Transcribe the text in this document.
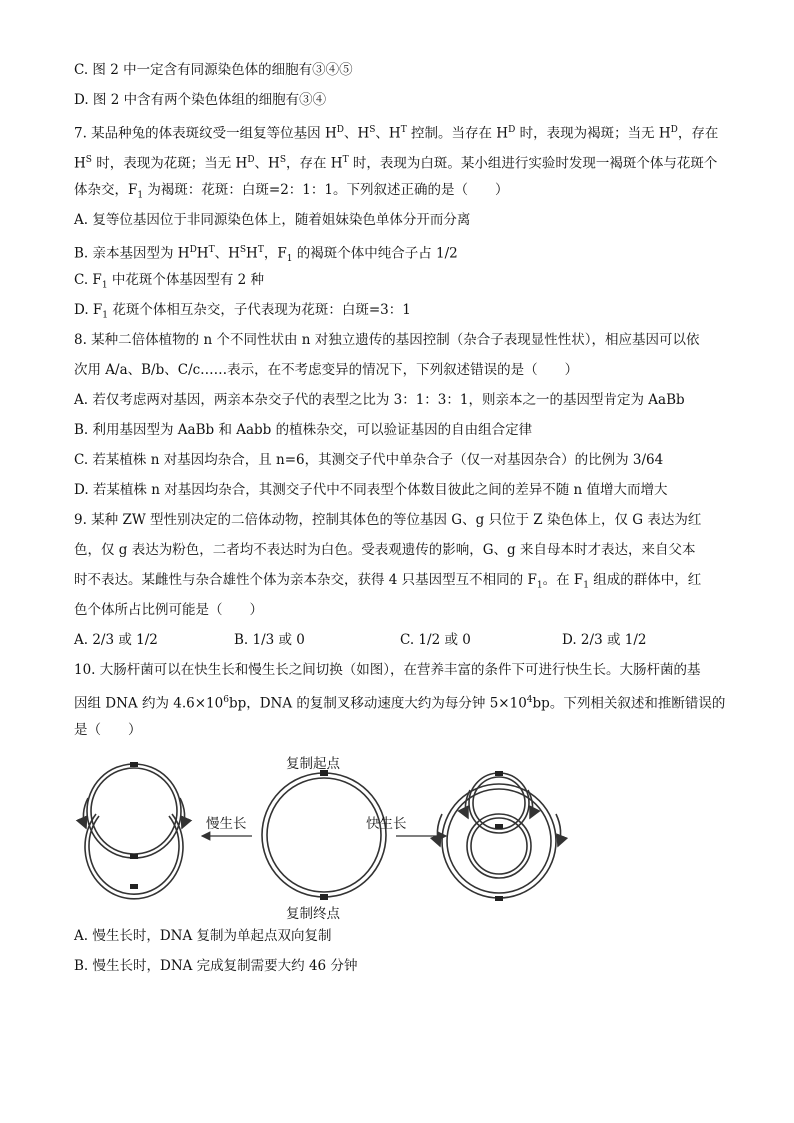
C. 图 2 中一定含有同源染色体的细胞有③④⑤
D. 图 2 中含有两个染色体组的细胞有③④
7. 某品种兔的体表斑纹受一组复等位基因 $H^D$、$H^S$、$H^T$ 控制。当存在 $H^D$ 时，表现为褐斑；当无 $H^D$，存在
$H^S$ 时，表现为花斑；当无 $H^D$、$H^S$，存在 $H^T$ 时，表现为白斑。某小组进行实验时发现一褐斑个体与花斑个
体杂交，$F_1$ 为褐斑：花斑：白斑=2：1：1。下列叙述正确的是（　　）
A. 复等位基因位于非同源染色体上，随着姐妹染色单体分开而分离
B. 亲本基因型为 $H^DH^T$、$H^SH^T$，$F_1$ 的褐斑个体中纯合子占 1/2
C. $F_1$ 中花斑个体基因型有 2 种
D. $F_1$ 花斑个体相互杂交，子代表现为花斑：白斑=3：1
8. 某种二倍体植物的 n 个不同性状由 n 对独立遗传的基因控制（杂合子表现显性性状），相应基因可以依
次用 A/a、B/b、C/c……表示，在不考虑变异的情况下，下列叙述错误的是（　　）
A. 若仅考虑两对基因，两亲本杂交子代的表型之比为 3：1：3：1，则亲本之一的基因型肯定为 AaBb
B. 利用基因型为 AaBb 和 Aabb 的植株杂交，可以验证基因的自由组合定律
C. 若某植株 n 对基因均杂合，且 n=6，其测交子代中单杂合子（仅一对基因杂合）的比例为 3/64
D. 若某植株 n 对基因均杂合，其测交子代中不同表型个体数目彼此之间的差异不随 n 值增大而增大
9. 某种 ZW 型性别决定的二倍体动物，控制其体色的等位基因 G、g 只位于 Z 染色体上，仅 G 表达为红
色，仅 g 表达为粉色，二者均不表达时为白色。受表观遗传的影响，G、g 来自母本时才表达，来自父本
时不表达。某雌性与杂合雄性个体为亲本杂交，获得 4 只基因型互不相同的 $F_1$。在 $F_1$ 组成的群体中，红
色个体所占比例可能是（　　）
A. 2/3 或 1/2	B. 1/3 或 0	C. 1/2 或 0	D. 2/3 或 1/2
10. 大肠杆菌可以在快生长和慢生长之间切换（如图），在营养丰富的条件下可进行快生长。大肠杆菌的基
因组 DNA 约为 $4.6\times 10^6bp$，DNA 的复制叉移动速度大约为每分钟 $5\times 10^4bp$。下列相关叙述和推断错误的
是（　　）
复制起点
复制终点
慢生长	快生长
A. 慢生长时，DNA 复制为单起点双向复制
B. 慢生长时，DNA 完成复制需要大约 46 分钟
